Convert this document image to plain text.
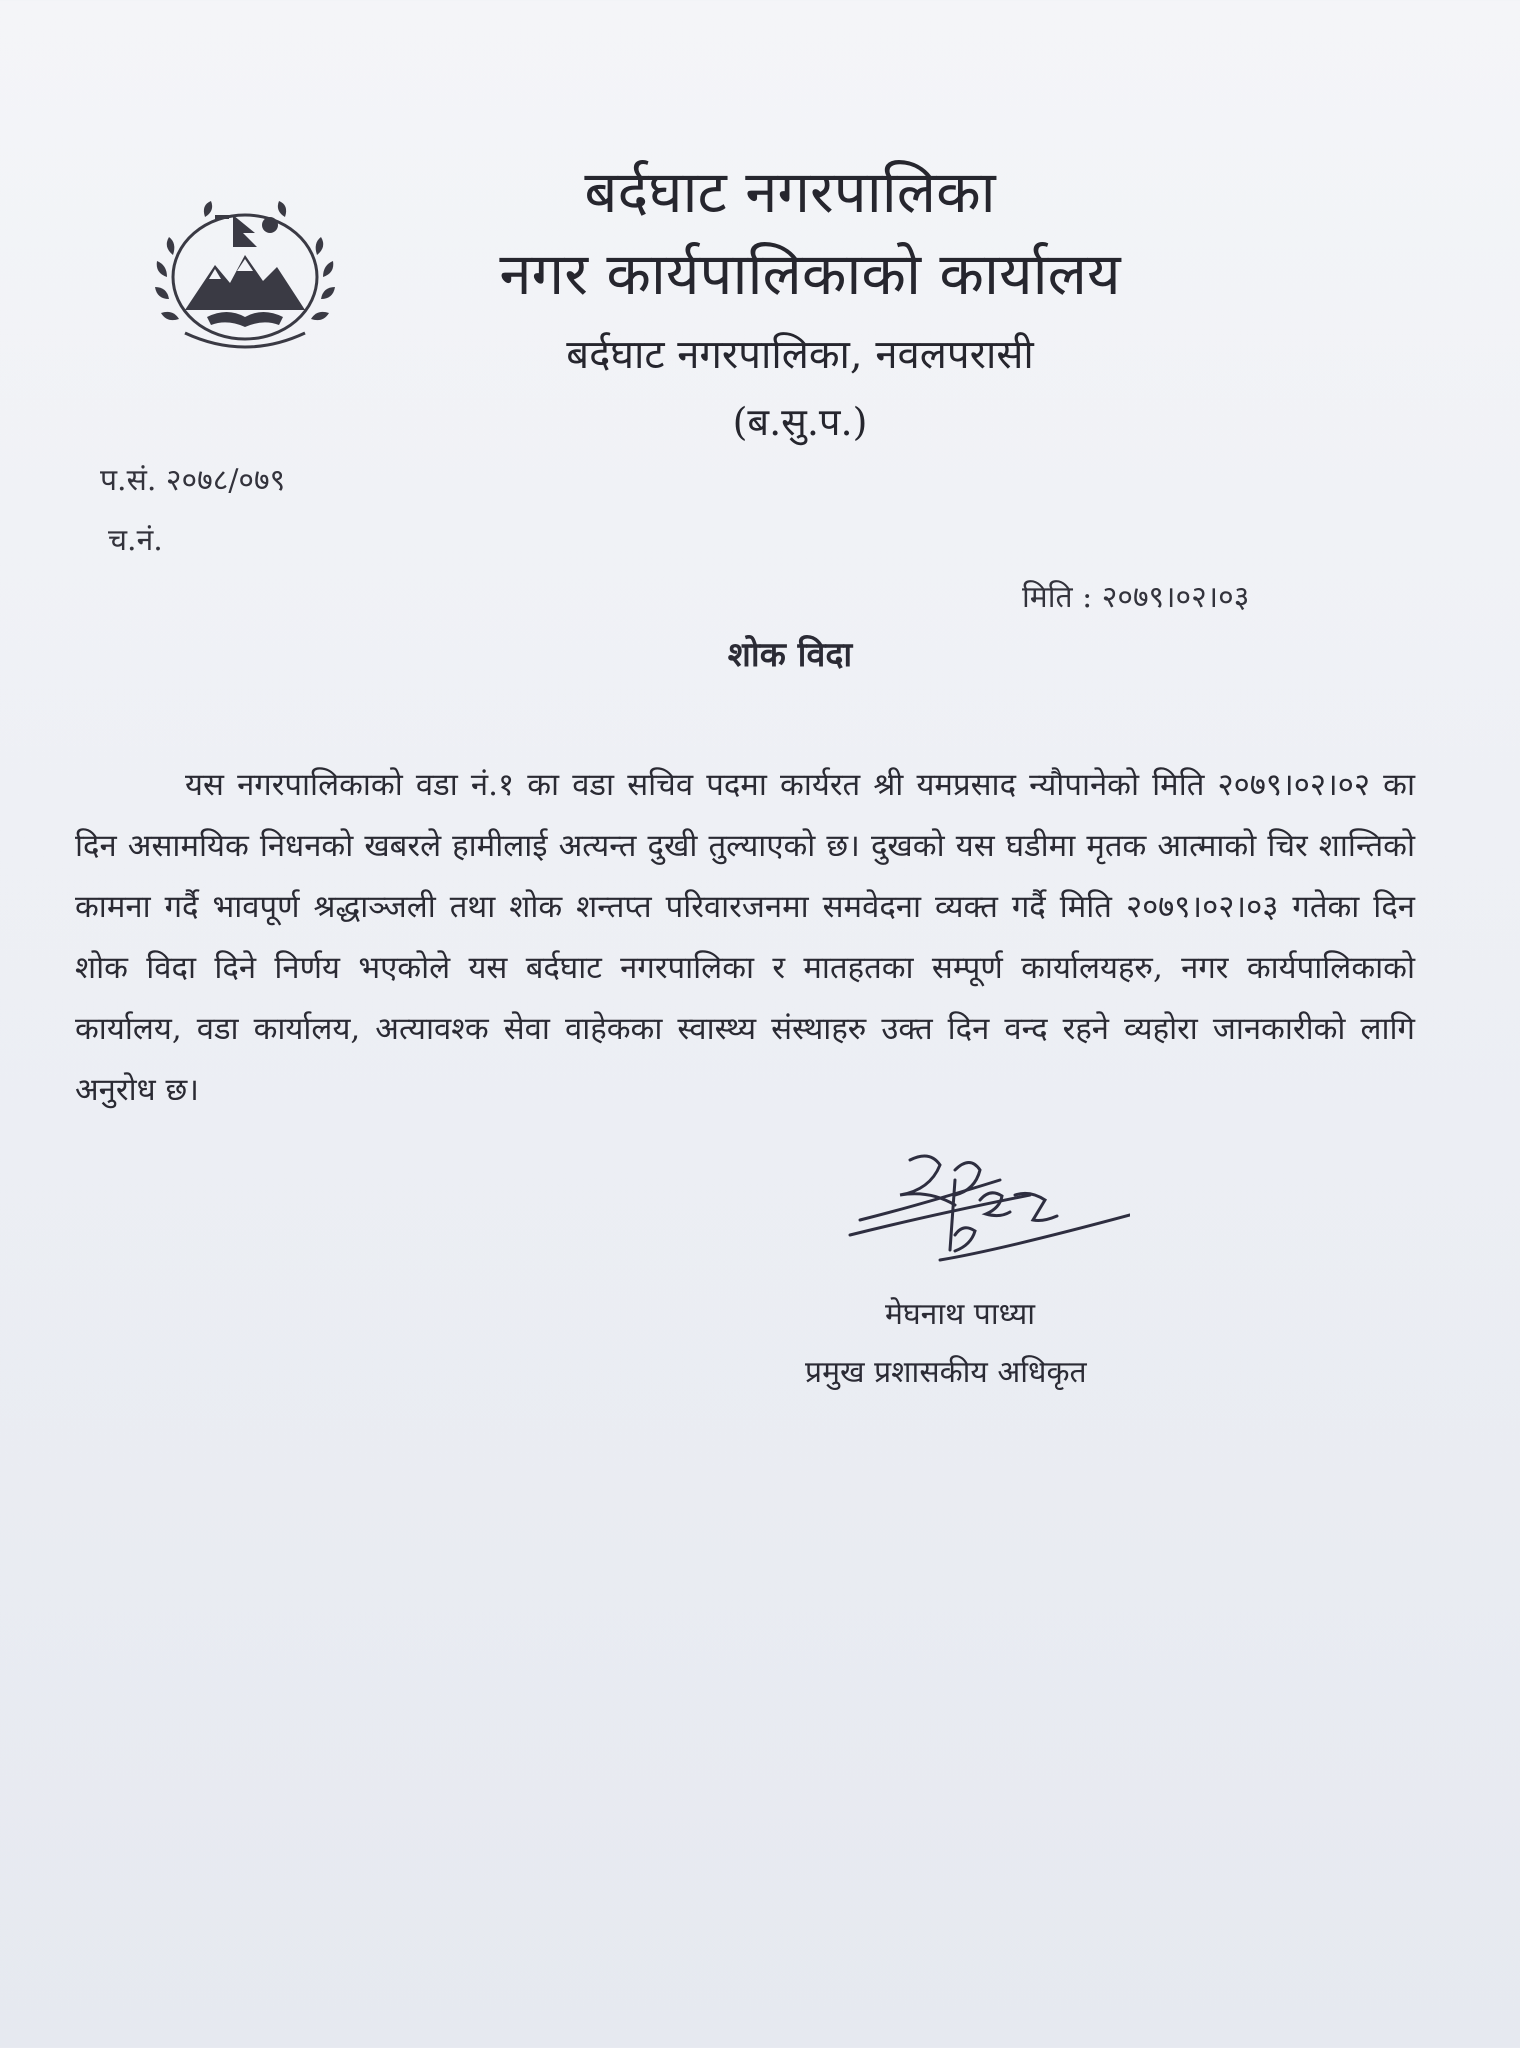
बर्दघाट नगरपालिका
नगर कार्यपालिकाको कार्यालय
बर्दघाट नगरपालिका, नवलपरासी
(ब.सु.प.)
प.सं. २०७८/०७९
च.नं.
मिति : २०७९।०२।०३
शोक विदा
यस नगरपालिकाको वडा नं.१ का वडा सचिव पदमा कार्यरत श्री यमप्रसाद न्यौपानेको मिति २०७९।०२।०२ का दिन असामयिक निधनको खबरले हामीलाई अत्यन्त दुखी तुल्याएको छ। दुखको यस घडीमा मृतक आत्माको चिर शान्तिको कामना गर्दै भावपूर्ण श्रद्धाञ्जली तथा शोक शन्तप्त परिवारजनमा समवेदना व्यक्त गर्दै मिति २०७९।०२।०३ गतेका दिन शोक विदा दिने निर्णय भएकोले यस बर्दघाट नगरपालिका र मातहतका सम्पूर्ण कार्यालयहरु, नगर कार्यपालिकाको कार्यालय, वडा कार्यालय, अत्यावश्क सेवा वाहेकका स्वास्थ्य संस्थाहरु उक्त दिन वन्द रहने व्यहोरा जानकारीको लागि अनुरोध छ।
मेघनाथ पाध्या
प्रमुख प्रशासकीय अधिकृत
